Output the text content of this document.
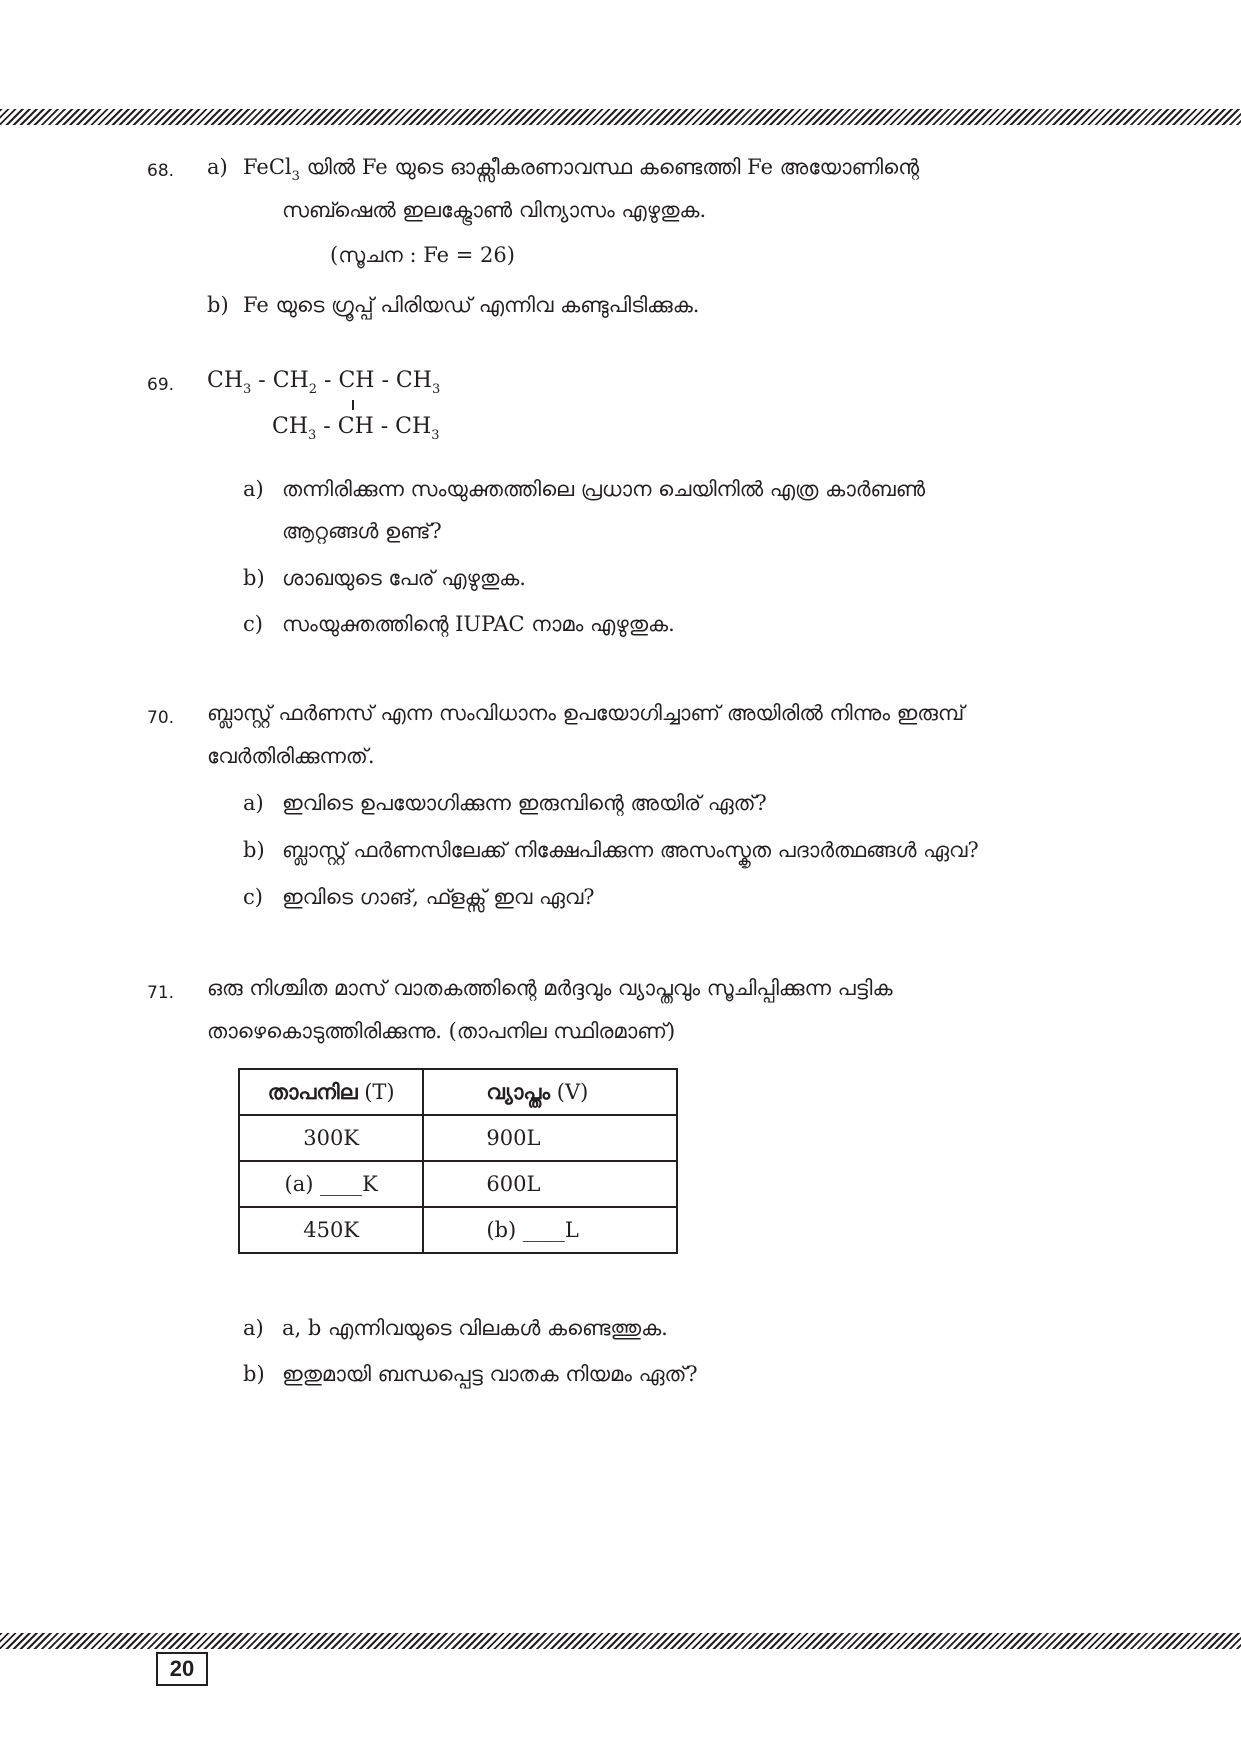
68. a) FeCl$_3$ യിൽ Fe യുടെ ഓക്സീകരണാവസ്ഥ കണ്ടെത്തി Fe അയോണിന്റെ
സബ്ഷെൽ ഇലക്ട്രോൺ വിന്യാസം എഴുതുക.
(സൂചന : Fe = 26)
b) Fe യുടെ ഗ്രൂപ്പ് പിരിയഡ് എന്നിവ കണ്ടുപിടിക്കുക.
69. $CH_3 - CH_2$ - CH - $CH_3$
$CH_3$ - CH - $CH_3$
a) തന്നിരിക്കുന്ന സംയുക്തത്തിലെ പ്രധാന ചെയിനിൽ എത്ര കാർബൺ
ആറ്റങ്ങൾ ഉണ്ട്?
b) ശാഖയുടെ പേര് എഴുതുക.
c) സംയുക്തത്തിന്റെ IUPAC നാമം എഴുതുക.
70. ബ്ലാസ്റ്റ് ഫർണസ് എന്ന സംവിധാനം ഉപയോഗിച്ചാണ് അയിരിൽ നിന്നും ഇരുമ്പ്
വേർതിരിക്കുന്നത്.
a) ഇവിടെ ഉപയോഗിക്കുന്ന ഇരുമ്പിന്റെ അയിര് ഏത്?
b) ബ്ലാസ്റ്റ് ഫർണസിലേക്ക് നിക്ഷേപിക്കുന്ന അസംസ്കൃത പദാർത്ഥങ്ങൾ ഏവ?
c) ഇവിടെ ഗാങ്, ഫ്ളക്സ് ഇവ ഏവ?
71. ഒരു നിശ്ചിത മാസ് വാതകത്തിന്റെ മർദ്ദവും വ്യാപ്തവും സൂചിപ്പിക്കുന്ന പട്ടിക
താഴെകൊടുത്തിരിക്കുന്നു. (താപനില സ്ഥിരമാണ്)
താപനില (T)	വ്യാപ്തം (V)
300K	900L
(a) ____K	600L
450K	(b) ____L
a) a, b എന്നിവയുടെ വിലകൾ കണ്ടെത്തുക.
b) ഇതുമായി ബന്ധപ്പെട്ട വാതക നിയമം ഏത്?
20
